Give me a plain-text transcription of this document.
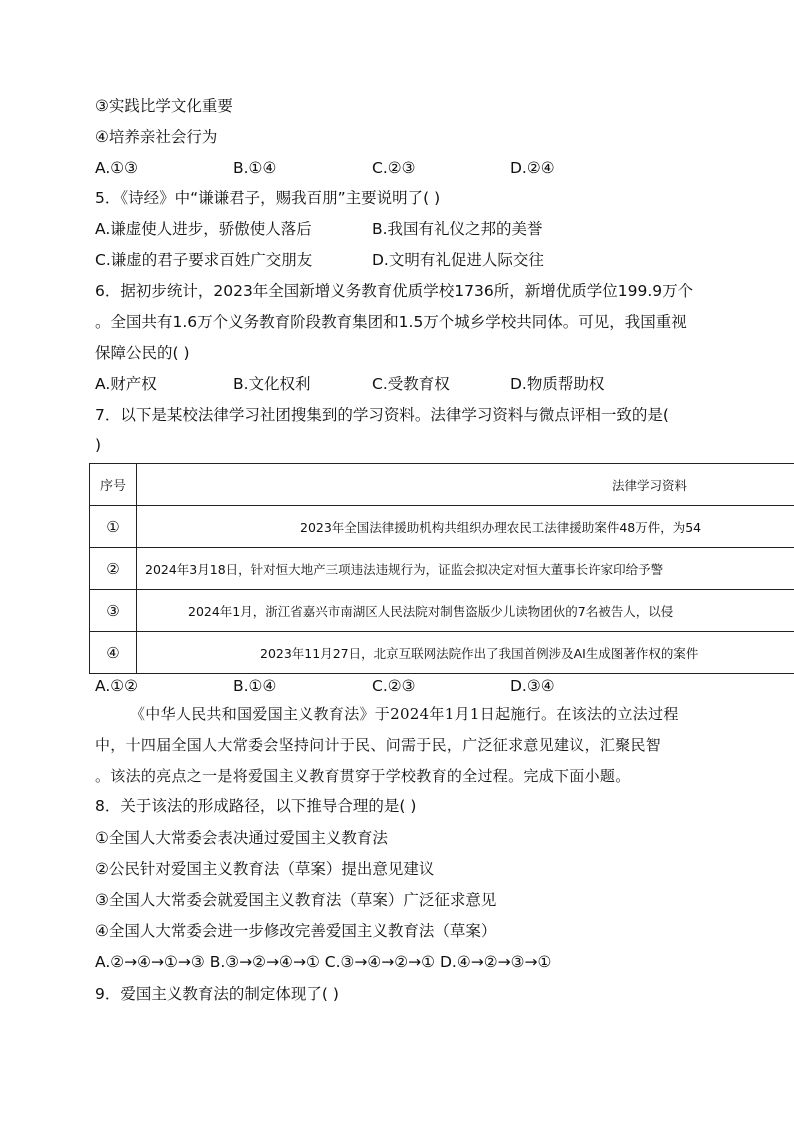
③实践比学文化重要
④培养亲社会行为
A.①③	B.①④	C.②③	D.②④
5．《诗经》中“谦谦君子，赐我百朋”主要说明了( )
A.谦虚使人进步，骄傲使人落后	B.我国有礼仪之邦的美誉
C.谦虚的君子要求百姓广交朋友	D.文明有礼促进人际交往
6．据初步统计，2023年全国新增义务教育优质学校1736所，新增优质学位199.9万个
。全国共有1.6万个义务教育阶段教育集团和1.5万个城乡学校共同体。可见，我国重视
保障公民的( )
A.财产权	B.文化权利	C.受教育权	D.物质帮助权
7．以下是某校法律学习社团搜集到的学习资料。法律学习资料与微点评相一致的是(
)
序号	法律学习资料
①	2023年全国法律援助机构共组织办理农民工法律援助案件48万件，为54

②	2024年3月18日，针对恒大地产三项违法违规行为，证监会拟决定对恒大董事长许家印给予警

③	2024年1月，浙江省嘉兴市南湖区人民法院对制售盗版少儿读物团伙的7名被告人，以侵

④	2023年11月27日，北京互联网法院作出了我国首例涉及AI生成图著作权的案件
A.①②	B.①④	C.②③	D.③④
《中华人民共和国爱国主义教育法》于2024年1月1日起施行。在该法的立法过程
中，十四届全国人大常委会坚持问计于民、问需于民，广泛征求意见建议，汇聚民智
。该法的亮点之一是将爱国主义教育贯穿于学校教育的全过程。完成下面小题。
8．关于该法的形成路径，以下推导合理的是( )
①全国人大常委会表决通过爱国主义教育法
②公民针对爱国主义教育法（草案）提出意见建议
③全国人大常委会就爱国主义教育法（草案）广泛征求意见
④全国人大常委会进一步修改完善爱国主义教育法（草案）
A.②→④→①→③ B.③→②→④→① C.③→④→②→① D.④→②→③→①
9．爱国主义教育法的制定体现了( )
